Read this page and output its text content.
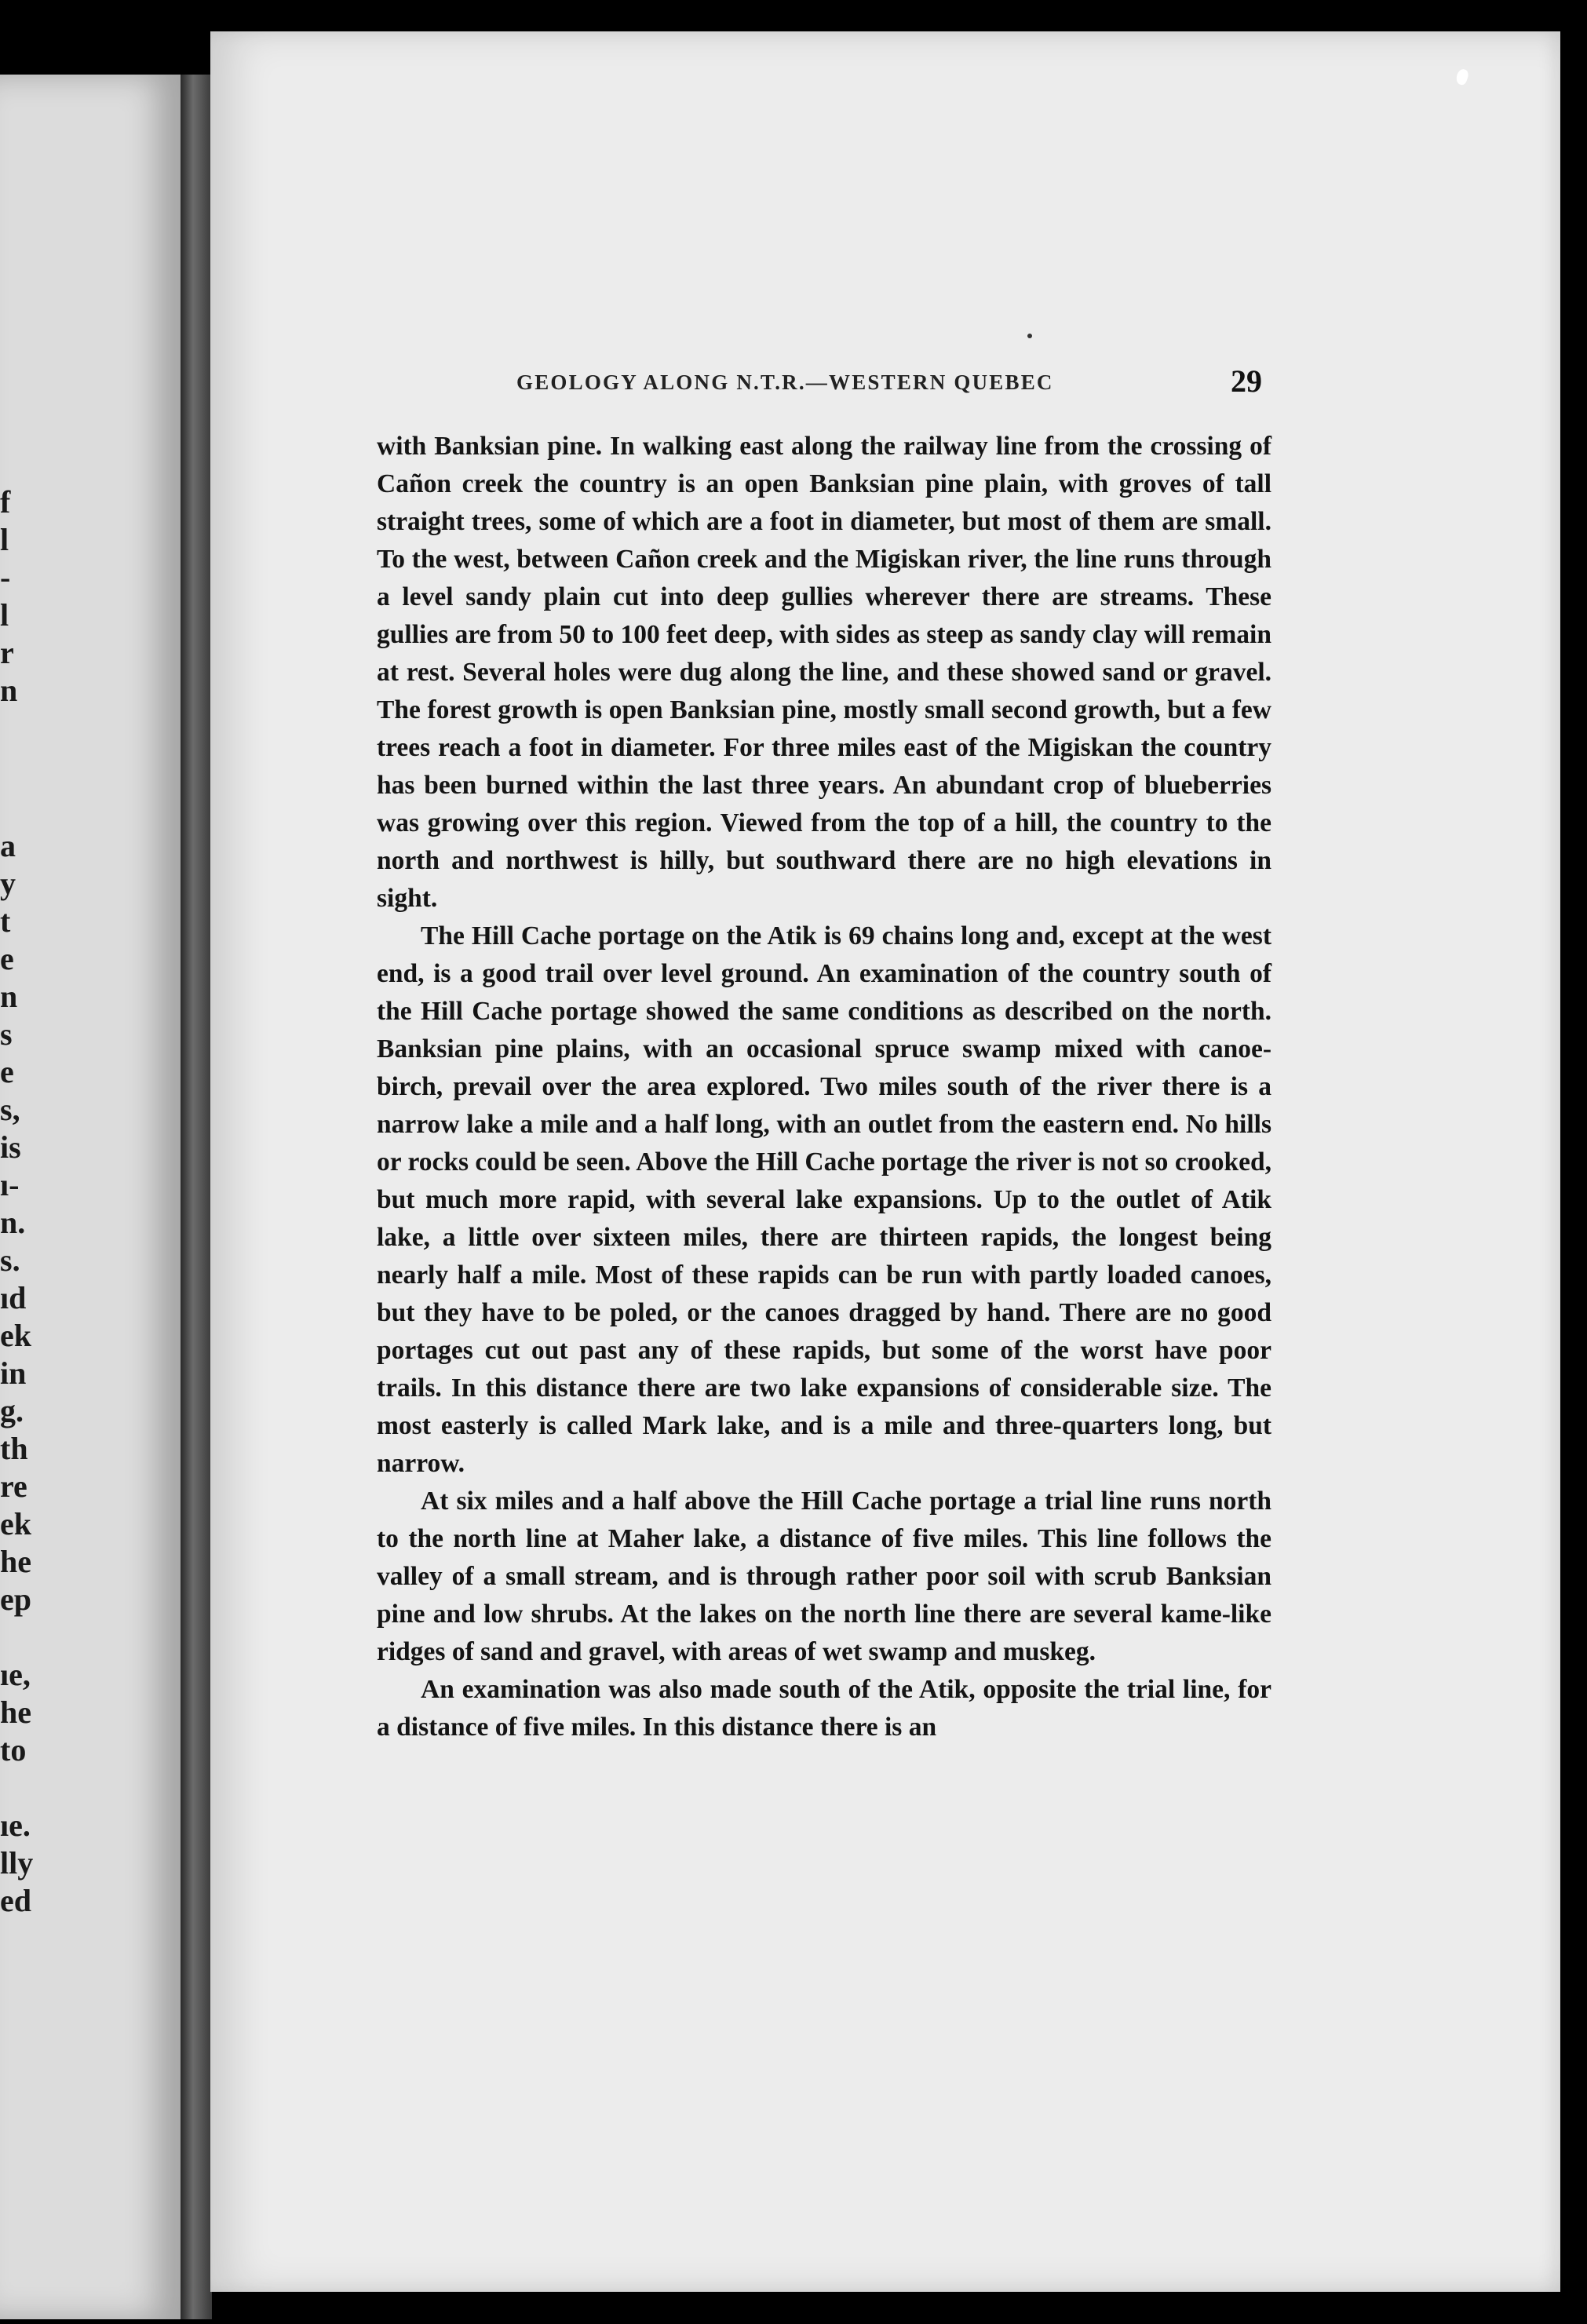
f
l
-
l
r
n
a
y
t
e
n
s
e
s,
is
ı-
n.
s.
ıd
ek
in
g.
th
re
ek
he
ep
ıe,
he
to
ıe.
lly
ed
GEOLOGY ALONG N.T.R.—WESTERN QUEBEC	29

with Banksian pine. In walking east along the railway line from the crossing of Cañon creek the country is an open Banksian pine plain, with groves of tall straight trees, some of which are a foot in diameter, but most of them are small. To the west, between Cañon creek and the Migiskan river, the line runs through a level sandy plain cut into deep gullies wherever there are streams. These gullies are from 50 to 100 feet deep, with sides as steep as sandy clay will remain at rest. Several holes were dug along the line, and these showed sand or gravel. The forest growth is open Banksian pine, mostly small second growth, but a few trees reach a foot in diameter. For three miles east of the Migiskan the country has been burned within the last three years. An abundant crop of blueberries was growing over this region. Viewed from the top of a hill, the country to the north and northwest is hilly, but southward there are no high elevations in sight.

The Hill Cache portage on the Atik is 69 chains long and, except at the west end, is a good trail over level ground. An examination of the country south of the Hill Cache portage showed the same conditions as described on the north. Banksian pine plains, with an occasional spruce swamp mixed with canoe-birch, prevail over the area explored. Two miles south of the river there is a narrow lake a mile and a half long, with an outlet from the eastern end. No hills or rocks could be seen. Above the Hill Cache portage the river is not so crooked, but much more rapid, with several lake expansions. Up to the outlet of Atik lake, a little over sixteen miles, there are thirteen rapids, the longest being nearly half a mile. Most of these rapids can be run with partly loaded canoes, but they have to be poled, or the canoes dragged by hand. There are no good portages cut out past any of these rapids, but some of the worst have poor trails. In this distance there are two lake expansions of considerable size. The most easterly is called Mark lake, and is a mile and three-quarters long, but narrow.

At six miles and a half above the Hill Cache portage a trial line runs north to the north line at Maher lake, a distance of five miles. This line follows the valley of a small stream, and is through rather poor soil with scrub Banksian pine and low shrubs. At the lakes on the north line there are several kame-like ridges of sand and gravel, with areas of wet swamp and muskeg.

An examination was also made south of the Atik, opposite the trial line, for a distance of five miles. In this distance there is an
